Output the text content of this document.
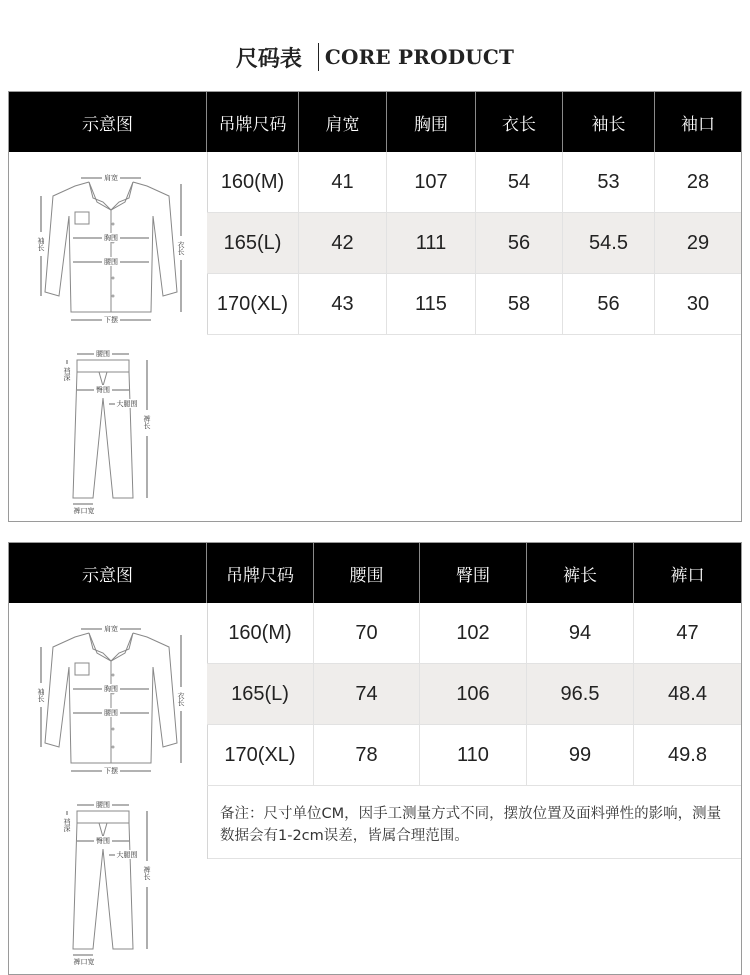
尺码表 CORE PRODUCT
示意图	吊牌尺码	肩宽	胸围	衣长	袖长	袖口
160(M)	41	107	54	53	28
165(L)	42	111	56	54.5	29
170(XL)	43	115	58	56	30
肩宽
胸围
腰围
下摆
袖长	衣长
腰围
臀围
大腿围
裤口宽
裆深
裤长
示意图	吊牌尺码	腰围	臀围	裤长	裤口
160(M)	70	102	94	47
165(L)	74	106	96.5	48.4
170(XL)	78	110	99	49.8
备注：尺寸单位CM，因手工测量方式不同，摆放位置及面料弹性的影响，测量数据会有1-2cm误差，皆属合理范围。
肩宽
胸围
腰围
下摆
袖长	衣长
腰围
臀围
大腿围
裤口宽
裆深
裤长
